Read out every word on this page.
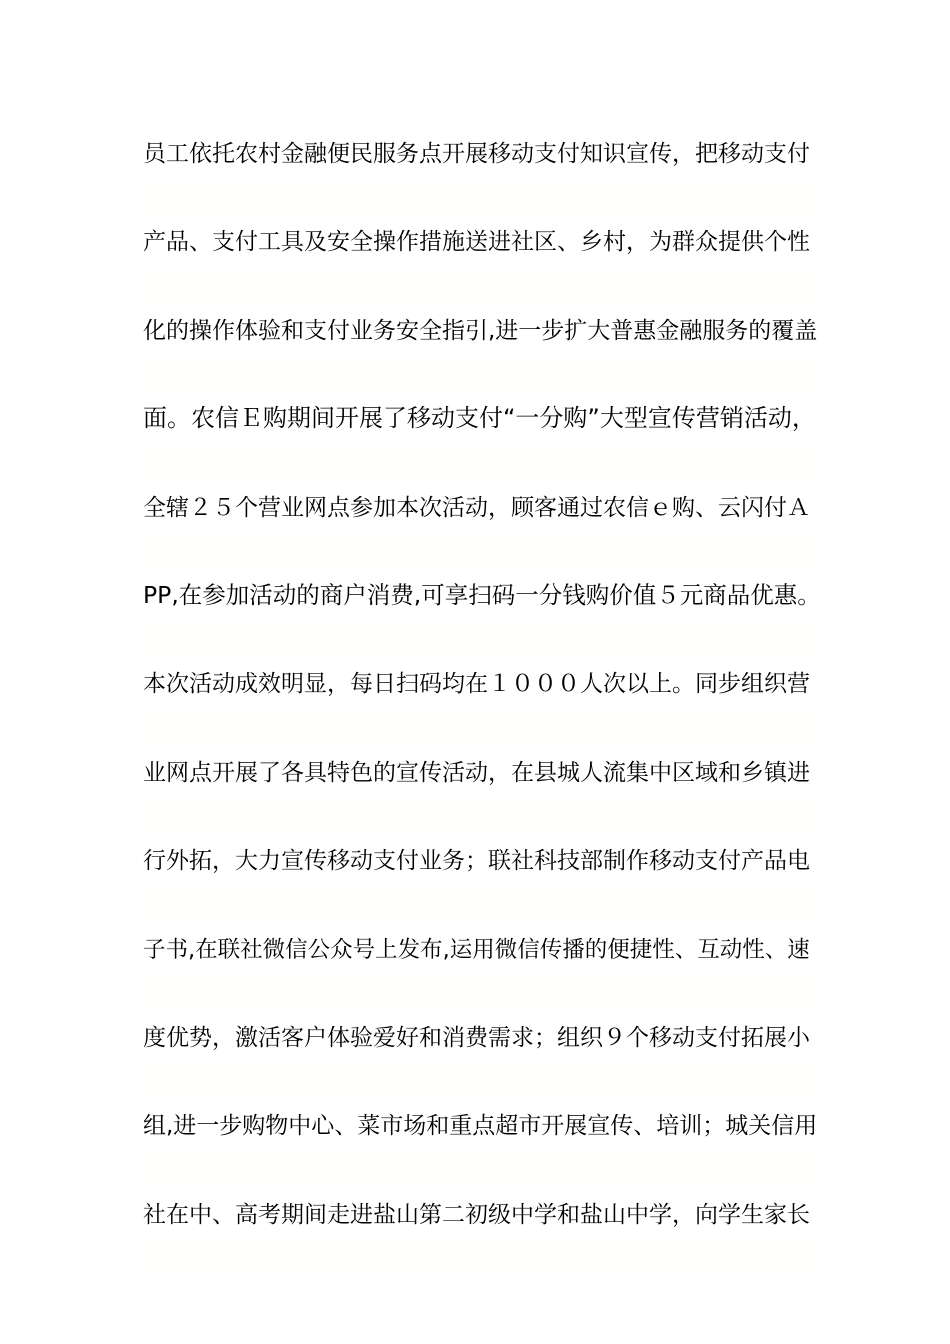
员工依托农村金融便民服务点开展移动支付知识宣传，把移动支付
产品、支付工具及安全操作措施送进社区、乡村，为群众提供个性
化的操作体验和支付业务安全指引,进一步扩大普惠金融服务的覆盖
面。农信Ｅ购期间开展了移动支付“一分购”大型宣传营销活动，
全辖２５个营业网点参加本次活动，顾客通过农信ｅ购、云闪付Ａ
PP,在参加活动的商户消费,可享扫码一分钱购价值５元商品优惠。
本次活动成效明显，每日扫码均在１０００人次以上。同步组织营
业网点开展了各具特色的宣传活动，在县城人流集中区域和乡镇进
行外拓，大力宣传移动支付业务；联社科技部制作移动支付产品电
子书,在联社微信公众号上发布,运用微信传播的便捷性、互动性、速
度优势，激活客户体验爱好和消费需求；组织９个移动支付拓展小
组,进一步购物中心、菜市场和重点超市开展宣传、培训；城关信用
社在中、高考期间走进盐山第二初级中学和盐山中学，向学生家长
